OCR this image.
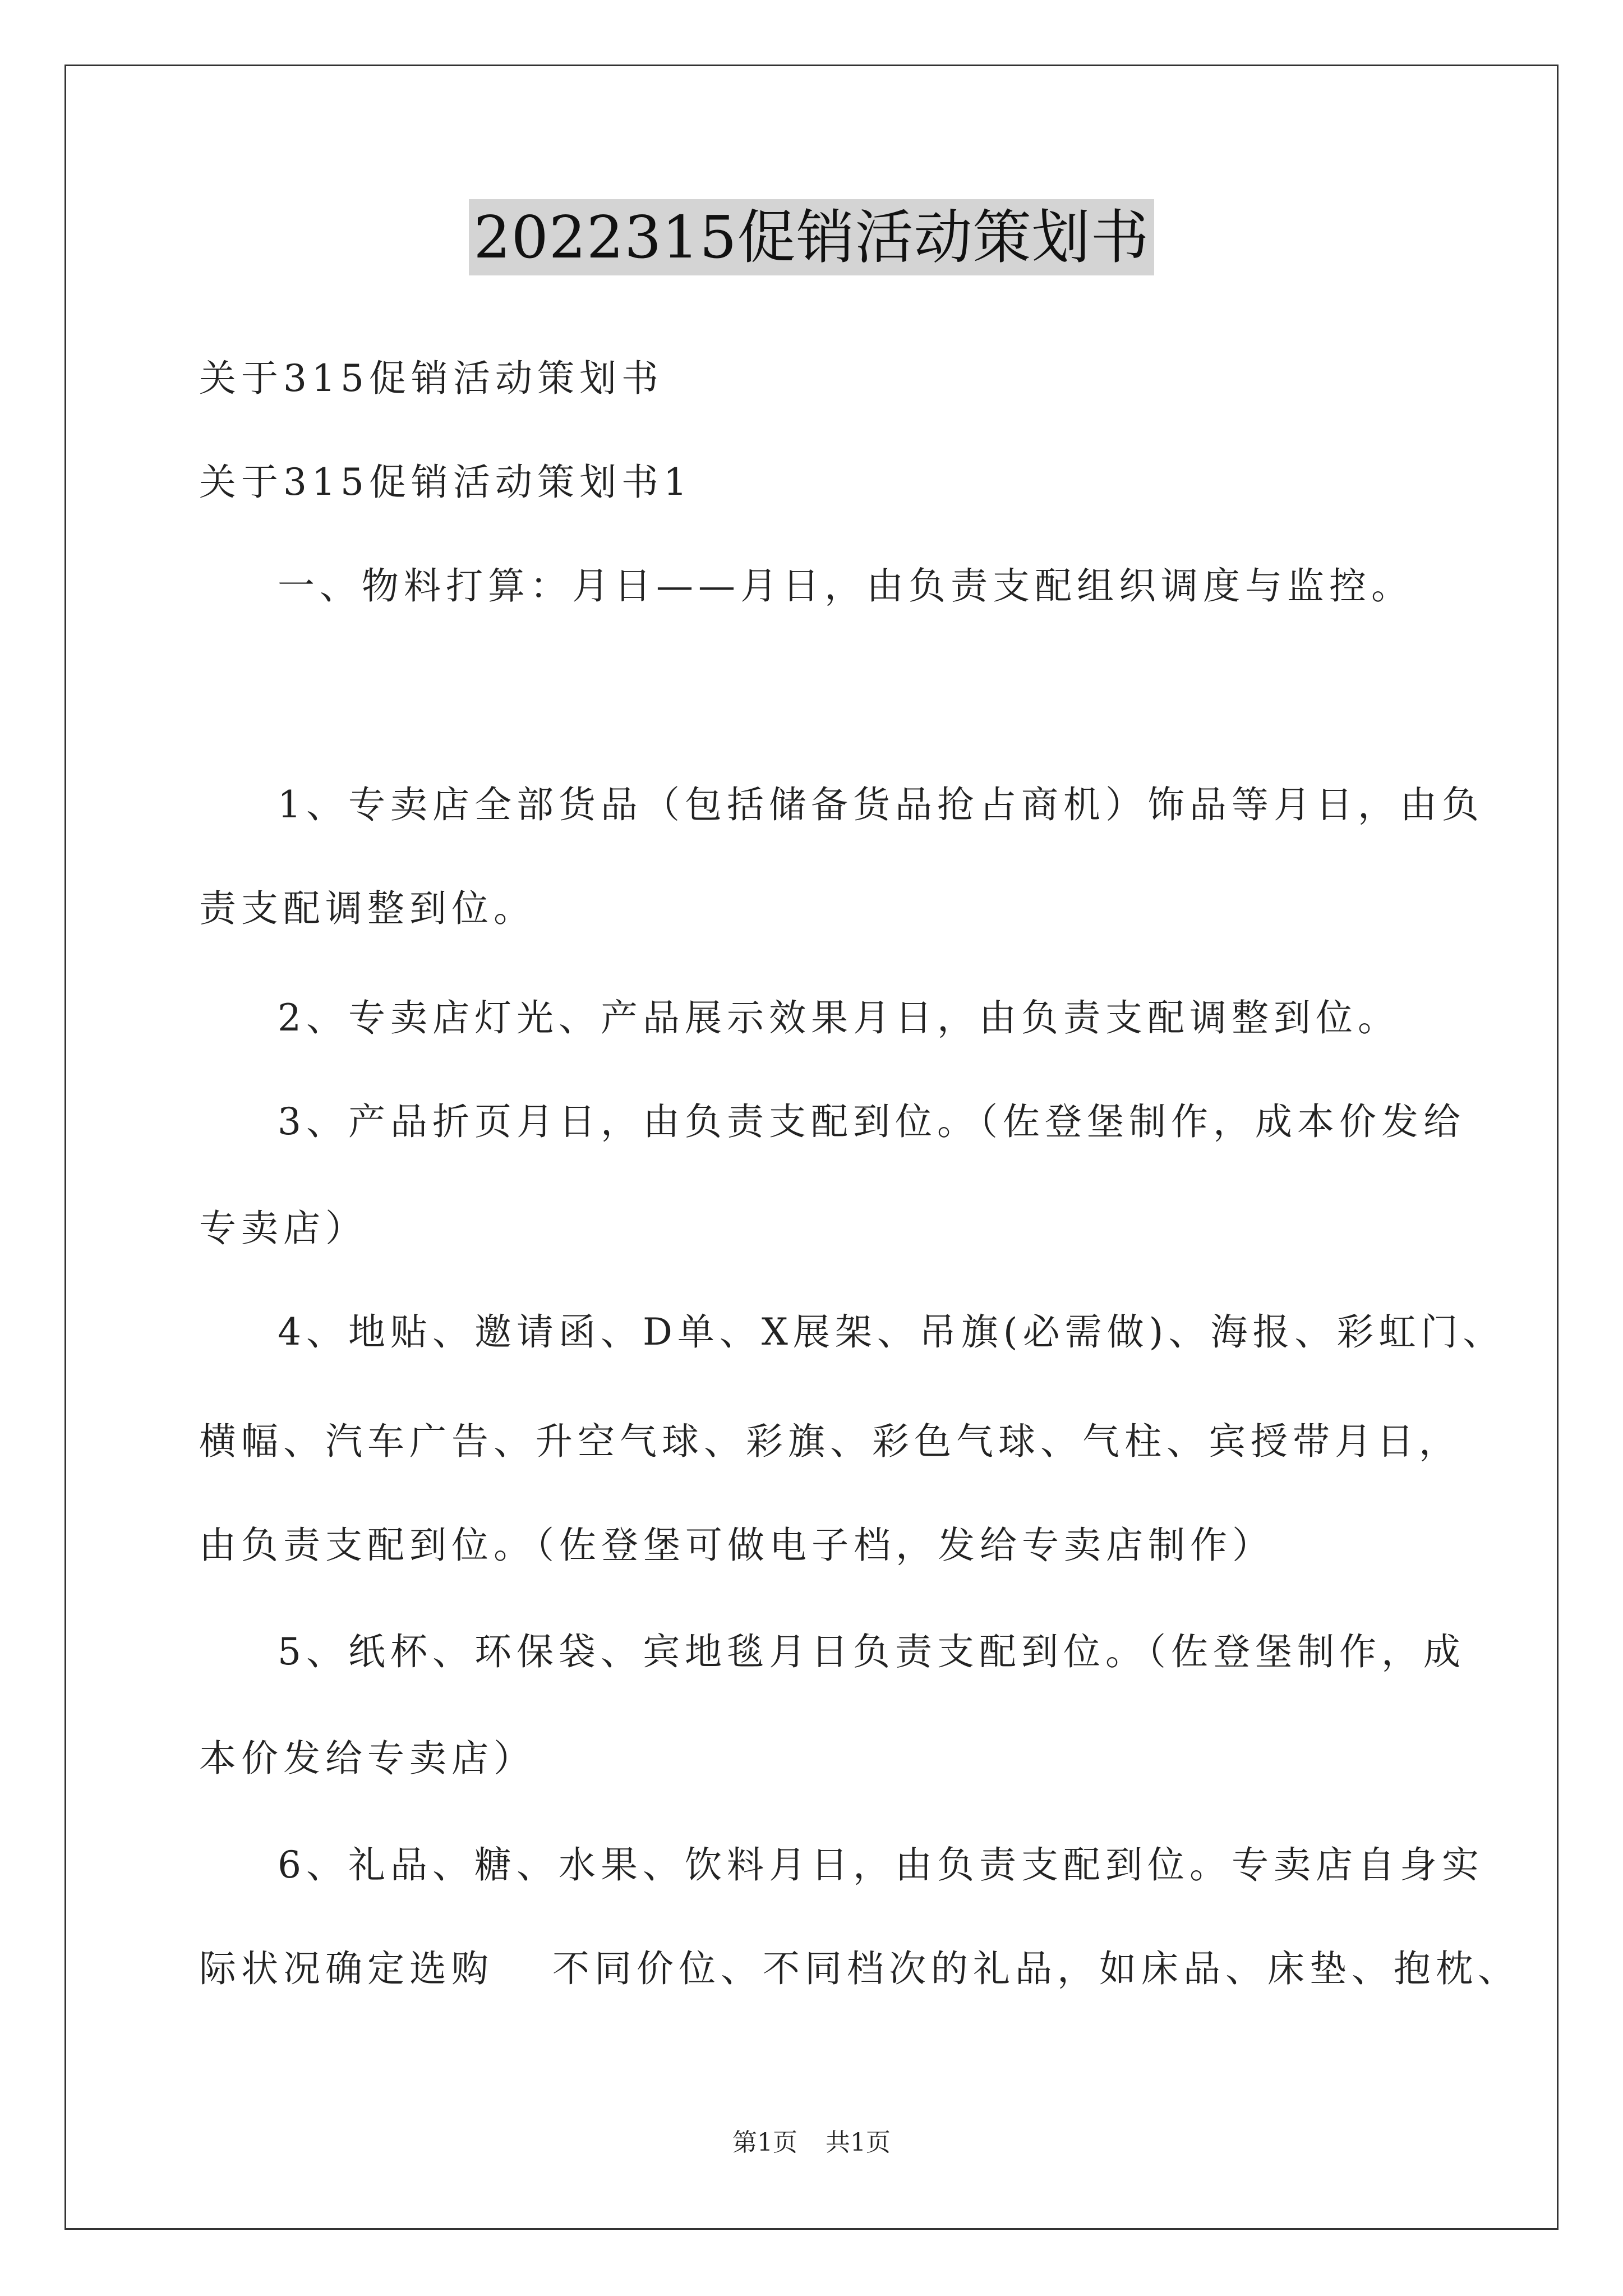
2022315促销活动策划书
关于315促销活动策划书
关于315促销活动策划书1
一、物料打算：月日——月日，由负责支配组织调度与监控。
1、专卖店全部货品（包括储备货品抢占商机）饰品等月日，由负
责支配调整到位。
2、专卖店灯光、产品展示效果月日，由负责支配调整到位。
3、产品折页月日，由负责支配到位。（佐登堡制作，成本价发给
专卖店）
4、地贴、邀请函、D单、X展架、吊旗(必需做)、海报、彩虹门、
横幅、汽车广告、升空气球、彩旗、彩色气球、气柱、宾授带月日，
由负责支配到位。（佐登堡可做电子档，发给专卖店制作）
5、纸杯、环保袋、宾地毯月日负责支配到位。（佐登堡制作，成
本价发给专卖店）
6、礼品、糖、水果、饮料月日，由负责支配到位。专卖店自身实
际状况确定选购　 不同价位、不同档次的礼品，如床品、床垫、抱枕、
第1页 共1页
